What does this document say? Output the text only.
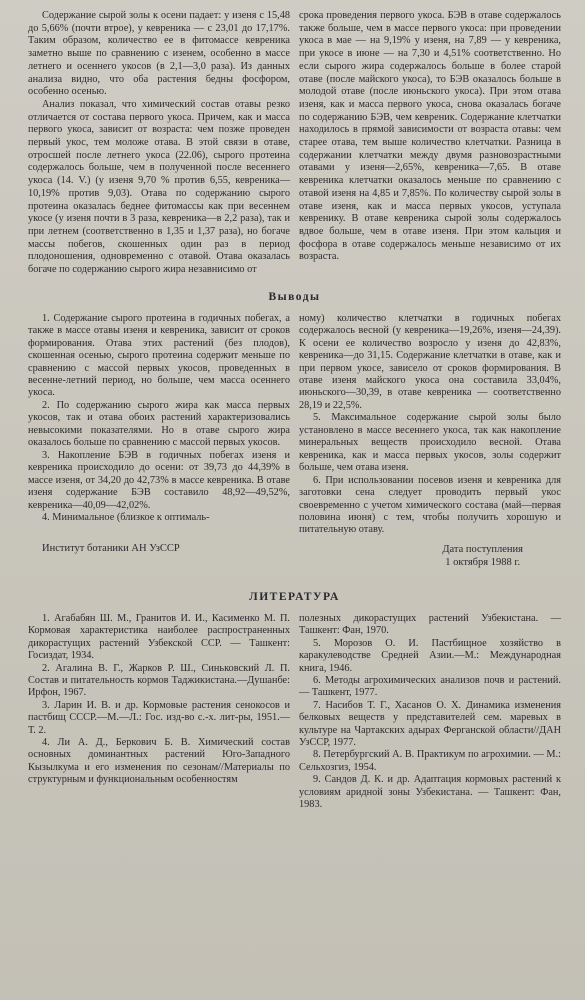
Содержание сырой золы к осени падает: у изеня с 15,48 до 5,66% (почти втрое), у кевреника — с 23,01 до 17,17%. Таким образом, количество ее в фитомассе кевреника заметно выше по сравнению с изенем, особенно в массе летнего и осеннего укосов (в 2,1—3,0 раза). Из данных анализа видно, что оба растения бедны фосфором, особенно осенью.

Анализ показал, что химический состав отавы резко отличается от состава первого укоса. Причем, как и масса первого укоса, зависит от возраста: чем позже проведен первый укос, тем моложе отава. В этой связи в отаве, отросшей после летнего укоса (22.06), сырого протеина содержалось больше, чем в полученной после весеннего укоса (14. V.) (у изеня 9,70 % против 6,55, кевреника—10,19% против 9,03). Отава по содержанию сырого протеина оказалась беднее фитомассы как при весеннем укосе (у изеня почти в 3 раза, кевреника—в 2,2 раза), так и при летнем (соответственно в 1,35 и 1,37 раза), но богаче массы побегов, скошенных один раз в период плодоношения, одновременно с отавой. Отава оказалась богаче по содержанию сырого жира незавнисимо от

срока проведения первого укоса. БЭВ в отаве содержалось также больше, чем в массе первого укоса: при проведении укоса в мае — на 9,19% у изеня, на 7,89 — у кевреника, при укосе в июне — на 7,30 и 4,51% соответственно. Но если сырого жира содержалось больше в более старой отаве (после майского укоса), то БЭВ оказалось больше в молодой отаве (после июньского укоса). При этом отава изеня, как и масса первого укоса, снова оказалась богаче по содержанию БЭВ, чем кевреник. Содержание клетчатки находилось в прямой зависимости от возраста отавы: чем старее отава, тем выше количество клетчатки. Разница в содержании клетчатки между двумя разновозрастными отавами у изеня—2,65%, кевреника—7,65. В отаве кевреника клетчатки оказалось меньше по сравнению с отавой изеня на 4,85 и 7,85%. По количеству сырой золы в отаве изеня, как и масса первых укосов, уступала кевренику. В отаве кевреника сырой золы содержалось вдвое больше, чем в отаве изеня. При этом кальция и фосфора в отаве содержалось меньше независимо от их возраста.

Выводы

1. Содержание сырого протеина в годичных побегах, а также в массе отавы изеня и кевреника, зависит от сроков формирования. Отава этих растений (без плодов), скошенная осенью, сырого протеина содержит меньше по сравнению с массой первых укосов, проведенных в весенне-летний период, но больше, чем масса осеннего укоса.

2. По содержанию сырого жира как масса первых укосов, так и отава обоих растений характеризовались невысокими показателями. Но в отаве сырого жира оказалось больше по сравнению с массой первых укосов.

3. Накопление БЭВ в годичных побегах изеня и кевреника происходило до осени: от 39,73 до 44,39% в массе изеня, от 34,20 до 42,73% в массе кевреника. В отаве изеня содержание БЭВ составило 48,92—49,52%, кевреника—40,09—42,02%.

4. Минимальное (близкое к оптималь-

ному) количество клетчатки в годичных побегах содержалось весной (у кевреника—19,26%, изеня—24,39). К осени ее количество возросло у изеня до 42,83%, кевреника—до 31,15. Содержание клетчатки в отаве, как и при первом укосе, зависело от сроков формирования. В отаве изеня майского укоса она составила 33,04%, июньского—30,39, в отаве кевреника — соответственно 28,19 и 22,5%.

5. Максимальное содержание сырой золы было установлено в массе весеннего укоса, так как накопление минеральных веществ происходило весной. Отава кевреника, как и масса первых укосов, золы содержит больше, чем отава изеня.

6. При использовании посевов изеня и кевреника для заготовки сена следует проводить первый укос своевременно с учетом химического состава (май—первая половина июня) с тем, чтобы получить хорошую и питательную отаву.

Институт ботаники АН УзССР	Дата поступления
1 октября 1988 г.
ЛИТЕРАТУРА

1. Агабабян Ш. М., Гранитов И. И., Касименко М. П. Кормовая характеристика наиболее распространенных дикорастущих растений Узбекской ССР. — Ташкент: Госиздат, 1934.

2. Агалина В. Г., Жарков Р. Ш., Синьковский Л. П. Состав и питательность кормов Таджикистана.—Душанбе: Ирфон, 1967.

3. Ларин И. В. и др. Кормовые растения сенокосов и пастбищ СССР.—М.—Л.: Гос. изд-во с.-х. лит-ры, 1951.—Т. 2.

4. Ли А. Д., Беркович Б. В. Химический состав основных доминантных растений Юго-Западного Кызылкума и его изменения по сезонам//Материалы по структурным и функциональным особенностям

полезных дикорастущих растений Узбекистана. — Ташкент: Фан, 1970.

5. Морозов О. И. Пастбищное хозяйство в каракулеводстве Средней Азии.—М.: Международная книга, 1946.

6. Методы агрохимических анализов почв и растений. — Ташкент, 1977.

7. Насибов Т. Г., Хасанов О. Х. Динамика изменения белковых веществ у представителей сем. маревых в культуре на Чартакских адырах Ферганской области//ДАН УзССР, 1977.

8. Петербургский А. В. Практикум по агрохимии. — М.: Сельхозгиз, 1954.

9. Сандов Д. К. и др. Адаптация кормовых растений к условиям аридной зоны Узбекистана. — Ташкент: Фан, 1983.
